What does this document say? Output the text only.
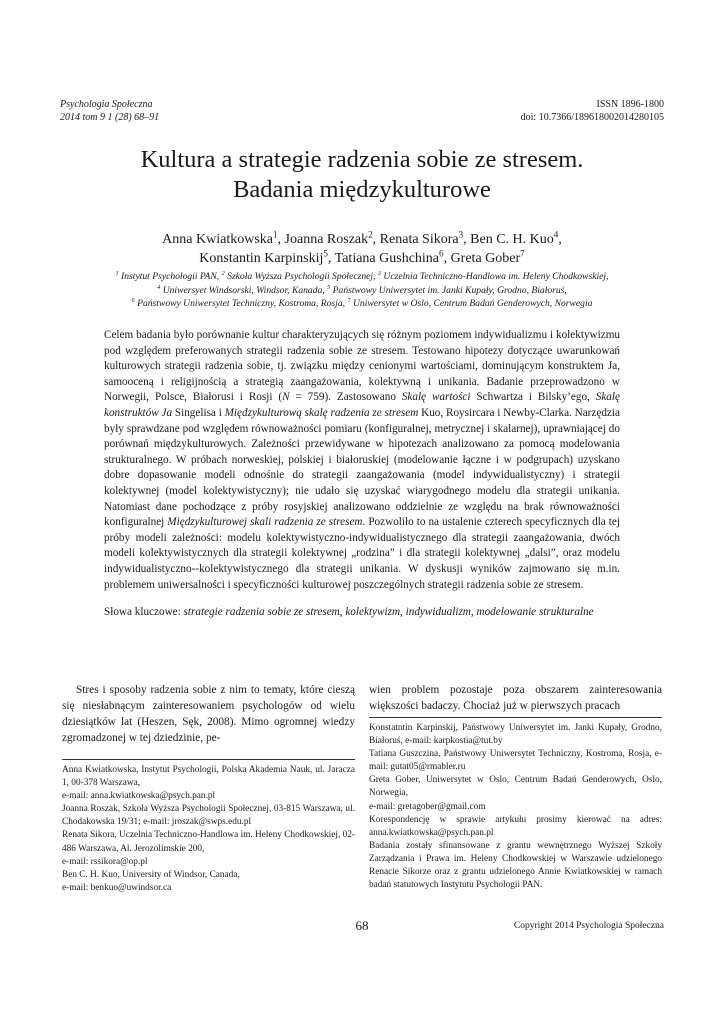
Psychologia Społeczna
2014 tom 9 1 (28) 68–91
ISSN 1896-1800
doi: 10.7366/1896180020142801​05
Kultura a strategie radzenia sobie ze stresem.
Badania międzykulturowe
Anna Kwiatkowska$^1$, Joanna Roszak$^2$, Renata Sikora$^3$, Ben C. H. Kuo$^4$,
Konstantin Karpinskij$^5$, Tatiana Gushchina$^6$, Greta Gober$^7$
$^1$ Instytut Psychologii PAN, $^2$ Szkoła Wyższa Psychologii Społecznej, $^3$ Uczelnia Techniczno-Handlowa im. Heleny Chodkowskiej,
$^4$ Uniwersyet Windsorski, Windsor, Kanada, $^5$ Państwowy Uniwersytet im. Janki Kupały, Grodno, Białoruś,
$^6$ Państwowy Uniwersytet Techniczny, Kostroma, Rosja, $^7$ Uniwersytet w Oslo, Centrum Badań Genderowych, Norwegia
Celem badania było porównanie kultur charakteryzujących się różnym poziomem indywidualizmu i kolektywizmu pod względem preferowanych strategii radzenia sobie ze stresem. Testowano hipotezy dotyczące uwarunkowań kulturowych strategii radzenia sobie, tj. związku między cenionymi wartościami, dominującym konstruktem Ja, samooceną i religijnością a strategią zaangażowania, kolektywną i unikania. Badanie przeprowadzono w Norwegii, Polsce, Białorusi i Rosji (N = 759). Zastosowano Skalę wartości Schwartza i Bilsky’ego, Skalę konstruktów Ja Singelisa i Międzykulturową skalę radzenia ze stresem Kuo, Roysircara i Newby-Clarka. Narzędzia były sprawdzane pod względem równoważności pomiaru (konfiguralnej, metrycznej i skalarnej), uprawniającej do porównań międzykulturowych. Zależności przewidywane w hipotezach analizowano za pomocą modelowania strukturalnego. W próbach norweskiej, polskiej i białoruskiej (modelowanie łączne i w podgrupach) uzyskano dobre dopasowanie modeli odnośnie do strategii zaangażowania (model indywidualistyczny) i strategii kolektywnej (model kolektywistyczny); nie udało się uzyskać wiarygodnego modelu dla strategii unikania. Natomiast dane pochodzące z próby rosyjskiej analizowano oddzielnie ze względu na brak równoważności konfiguralnej Międzykulturowej skali radzenia ze stresem. Pozwoliło to na ustalenie czterech specyficznych dla tej próby modeli zależności: modelu kolektywistyczno-indywidualistycznego dla strategii zaangażowania, dwóch modeli kolektywistycznych dla strategii kolektywnej „rodzina” i dla strategii kolektywnej „dalsi”, oraz modelu indywidualistyczno--kolektywistycznego dla strategii unikania. W dyskusji wyników zajmowano się m.in. problemem uniwersalności i specyficzności kulturowej poszczególnych strategii radzenia sobie ze stresem.
Słowa kluczowe: strategie radzenia sobie ze stresem, kolektywizm, indywidualizm, modelowanie strukturalne
Stres i sposoby radzenia sobie z nim to tematy, które cieszą się niesłabnącym zainteresowaniem psychologów od wielu dziesiątków lat (Heszen, Sęk, 2008). Mimo ogromnej wiedzy zgromadzonej w tej dziedzinie, pe-
wien problem pozostaje poza obszarem zainteresowania większości badaczy. Chociaż już w pierwszych pracach
Anna Kwiatkowska, Instytut Psychologii, Polska Akademia Nauk, ul. Jaracza 1, 00-378 Warszawa,
e-mail: anna.kwiatkowska@psych.pan.pl
Joanna Roszak, Szkoła Wyższa Psychologii Społecznej, 03-815 Warszawa, ul. Chodakowska 19/31; e-mail: jroszak@swps.edu.pl
Renata Sikora, Uczelnia Techniczno-Handlowa im. Heleny Chodkowskiej, 02-486 Warszawa, Al. Jerozolimskie 200,
e-mail: rssikora@op.pl
Ben C. H. Kuo, University of Windsor, Canada,
e-mail: benkuo@uwindsor.ca
Konstatntin Karpinskij, Państwowy Uniwersytet im. Janki Kupały, Grodno, Białoruś, e-mail: karpkostia@tut.by
Tatiana Guszczina, Państwowy Uniwersytet Techniczny, Kostroma, Rosja, e-mail: gutat05@rmabler.ru
Greta Gober, Uniwersytet w Oslo, Centrum Badań Genderowych, Oslo, Norwegia,
e-mail: gretagober@gmail.com
Korespondencję w sprawie artykułu prosimy kierować na adres: anna.kwiatkowska@psych.pan.pl
Badania zostały sfinansowane z grantu wewnętrznego Wyższej Szkoły Zarządzania i Prawa im. Heleny Chodkowskiej w Warszawie udzielonego Renacie Sikorze oraz z grantu udzielonego Annie Kwiatkowskiej w ramach badań statutowych Instytutu Psychologii PAN.
68	Copyright 2014 Psychologia Społeczna
